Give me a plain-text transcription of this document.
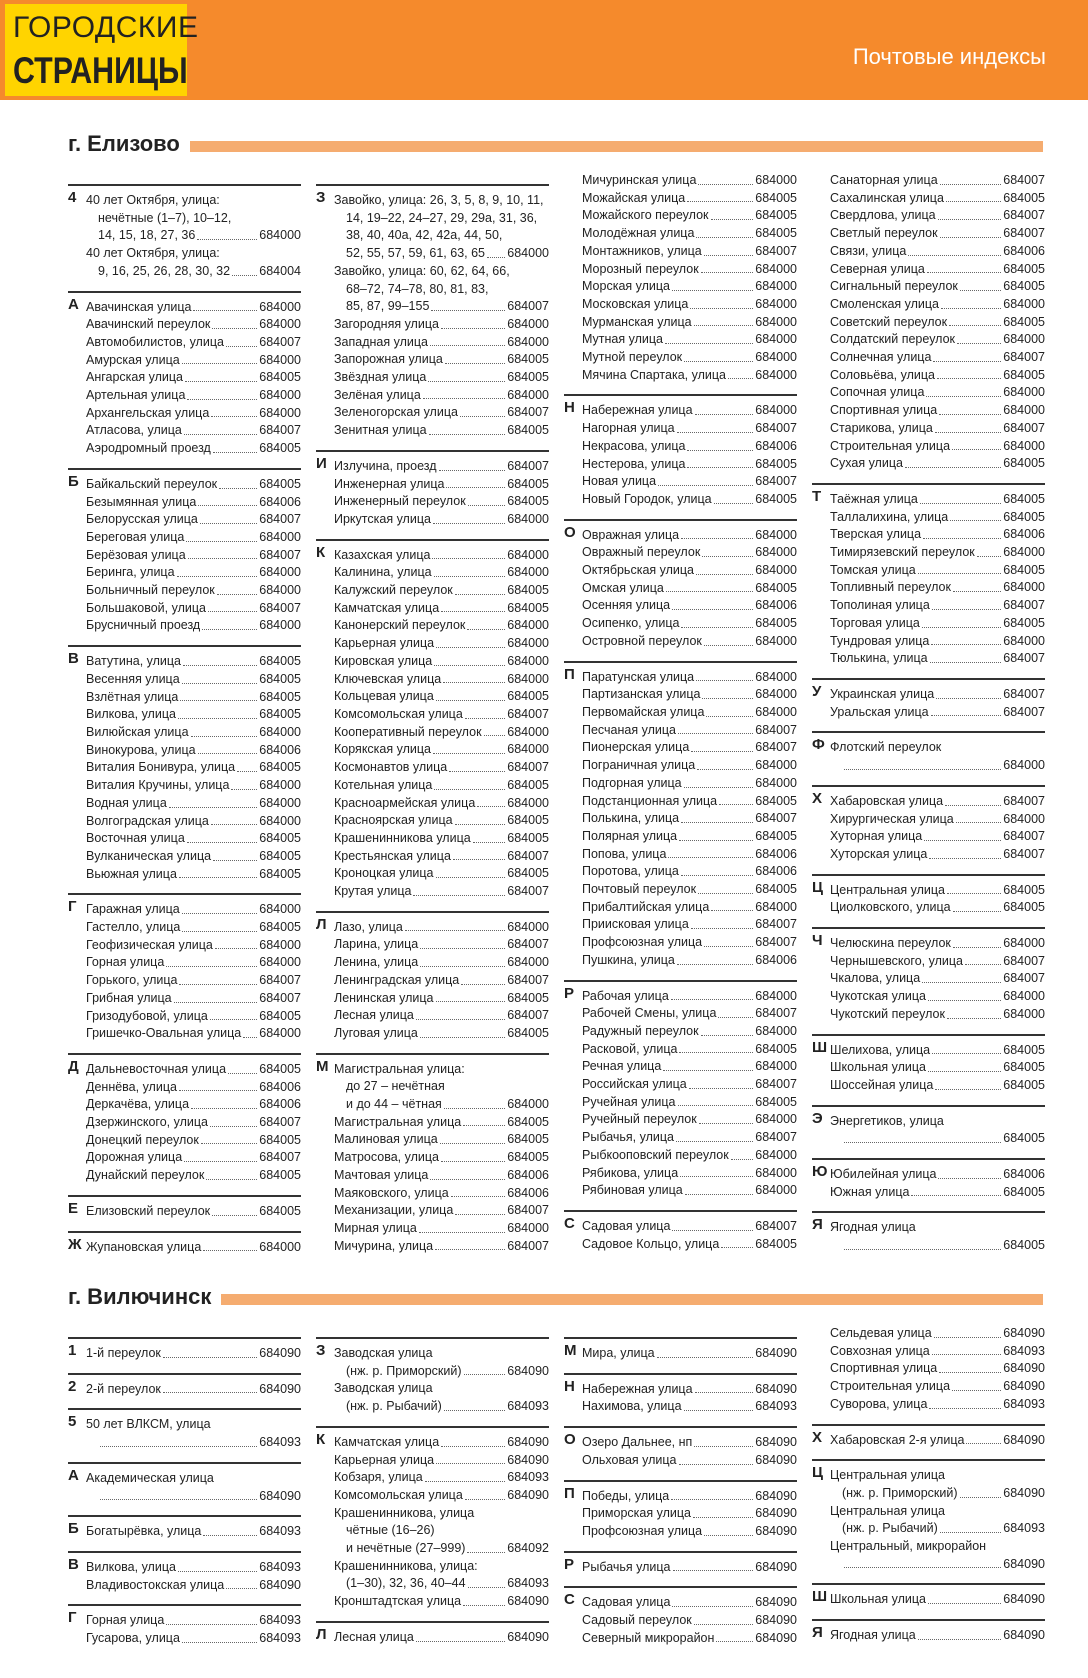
ГОРОДСКИЕ
СТРАНИЦЫ	Почтовые индексы
г. Елизово
4 40 лет Октября, улица:
нечётные (1–7), 10–12,
14, 15, 18, 27, 36	684000
40 лет Октября, улица:
9, 16, 25, 26, 28, 30, 32 684004
А Авачинская улица	684000
Авачинский переулок	684000
Автомобилистов, улица	684007
Амурская улица	684000
Ангарская улица	684005
Артельная улица	684000
Архангельская улица	684000
Атласова, улица	684007
Аэродромный проезд	684005
Б Байкальский переулок	684005
Безымянная улица	684006
Белорусская улица	684007
Береговая улица	684000
Берёзовая улица	684007
Беринга, улица	684000
Больничный переулок	684000
Большаковой, улица	684007
Брусничный проезд	684000
В Ватутина, улица	684005
Весенняя улица	684005
Взлётная улица	684005
Вилкова, улица	684005
Вилюйская улица	684000
Винокурова, улица	684006
Виталия Бонивура, улица 684005
Виталия Кручины, улица 684000
Водная улица	684000
Волгоградская улица	684000
Восточная улица	684005
Вулканическая улица	684005
Вьюжная улица	684005
Г Гаражная улица	684000
Гастелло, улица	684005
Геофизическая улица	684000
Горная улица	684000
Горького, улица	684007
Грибная улица	684007
Гризодубовой, улица	684005
Гришечко-Овальная улица 684000
Д Дальневосточная улица	684005
Деннёва, улица	684006
Деркачёва, улица	684006
Дзержинского, улица	684007
Донецкий переулок	684005
Дорожная улица	684007
Дунайский переулок	684005
Е Елизовский переулок	684005
Ж Жупановская улица	684000
З Завойко, улица: 26, 3, 5, 8, 9, 10, 11,
14, 19–22, 24–27, 29, 29а, 31, 36,
38, 40, 40а, 42, 42а, 44, 50,
52, 55, 57, 59, 61, 63, 65 684000
Завойко, улица: 60, 62, 64, 66,
68–72, 74–78, 80, 81, 83,
85, 87, 99–155	684007
Загородняя улица	684000
Западная улица	684000
Запорожная улица	684005
Звёздная улица	684005
Зелёная улица	684000
Зеленогорская улица	684007
Зенитная улица	684005
И Излучина, проезд	684007
Инженерная улица	684005
Инженерный переулок	684005
Иркутская улица	684000
К Казахская улица	684000
Калинина, улица	684000
Калужский переулок	684005
Камчатская улица	684005
Канонерский переулок	684000
Карьерная улица	684000
Кировская улица	684000
Ключевская улица	684000
Кольцевая улица	684005
Комсомольская улица	684007
Кооперативный переулок 684000
Корякская улица	684000
Космонавтов улица	684007
Котельная улица	684005
Красноармейская улица	684000
Красноярская улица	684005
Крашенинникова улица	684005
Крестьянская улица	684007
Кроноцкая улица	684005
Крутая улица	684007
Л Лазо, улица	684000
Ларина, улица	684007
Ленина, улица	684000
Ленинградская улица	684007
Ленинская улица	684005
Лесная улица	684007
Луговая улица	684005
М Магистральная улица:
до 27 – нечётная
и до 44 – чётная	684000
Магистральная улица	684005
Малиновая улица	684005
Матросова, улица	684005
Мачтовая улица	684006
Маяковского, улица	684006
Механизации, улица	684007
Мирная улица	684000
Мичурина, улица	684007
Мичуринская улица	684000
Можайская улица	684005
Можайского переулок	684005
Молодёжная улица	684005
Монтажников, улица	684007
Морозный переулок	684000
Морская улица	684000
Московская улица	684000
Мурманская улица	684000
Мутная улица	684000
Мутной переулок	684000
Мячина Спартака, улица 684000
Н Набережная улица	684000
Нагорная улица	684007
Некрасова, улица	684006
Нестерова, улица	684005
Новая улица	684007
Новый Городок, улица	684005
О Овражная улица	684000
Овражный переулок	684000
Октябрьская улица	684000
Омская улица	684005
Осенняя улица	684006
Осипенко, улица	684005
Островной переулок	684000
П Паратунская улица	684000
Партизанская улица	684000
Первомайская улица	684000
Песчаная улица	684007
Пионерская улица	684007
Пограничная улица	684000
Подгорная улица	684000
Подстанционная улица	684005
Полькина, улица	684007
Полярная улица	684005
Попова, улица	684006
Поротова, улица	684006
Почтовый переулок	684005
Прибалтийская улица	684000
Приисковая улица	684007
Профсоюзная улица	684007
Пушкина, улица	684006
Р Рабочая улица	684000
Рабочей Смены, улица	684007
Радужный переулок	684000
Расковой, улица	684005
Речная улица	684000
Российская улица	684007
Ручейная улица	684005
Ручейный переулок	684000
Рыбачья, улица	684007
Рыбкооповский переулок 684000
Рябикова, улица	684000
Рябиновая улица	684000
С Садовая улица	684007
Садовое Кольцо, улица	684005
Санаторная улица	684007
Сахалинская улица	684005
Свердлова, улица	684007
Светлый переулок	684007
Связи, улица	684006
Северная улица	684005
Сигнальный переулок	684005
Смоленская улица	684000
Советский переулок	684005
Солдатский переулок	684000
Солнечная улица	684007
Соловьёва, улица	684005
Сопочная улица	684000
Спортивная улица	684000
Старикова, улица	684007
Строительная улица	684000
Сухая улица	684005
Т Таёжная улица	684005
Таллалихина, улица	684005
Тверская улица	684006
Тимирязевский переулок 684000
Томская улица	684005
Топливный переулок	684000
Тополиная улица	684007
Торговая улица	684005
Тундровая улица	684000
Тюлькина, улица	684007
У Украинская улица	684007
Уральская улица	684007
Ф Флотский переулок
684000
Х Хабаровская улица	684007
Хирургическая улица	684000
Хуторная улица	684007
Хуторская улица	684007
Ц Центральная улица	684005
Циолковского, улица	684005
Ч Челюскина переулок	684000
Чернышевского, улица	684007
Чкалова, улица	684007
Чукотская улица	684000
Чукотский переулок	684000
Ш Шелихова, улица	684005
Школьная улица	684005
Шоссейная улица	684005
Э Энергетиков, улица
684005
Ю Юбилейная улица	684006
Южная улица	684005
Я Ягодная улица
684005
г. Вилючинск
1 1-й переулок	684090
2 2-й переулок	684090
5 50 лет ВЛКСМ, улица
684093
А Академическая улица
684090
Б Богатырёвка, улица	684093
В Вилкова, улица	684093
Владивостокская улица	684090
Г Горная улица	684093
Гусарова, улица	684093
З Заводская улица
(нж. р. Приморский)	684090
Заводская улица
(нж. р. Рыбачий)	684093
К Камчатская улица	684090
Карьерная улица	684090
Кобзаря, улица	684093
Комсомольская улица	684090
Крашенинникова, улица
чётные (16–26)
и нечётные (27–999)	684092
Крашенинникова, улица:
(1–30), 32, 36, 40–44	684093
Кронштадтская улица	684090
Л Лесная улица	684090
М Мира, улица	684090
Н Набережная улица	684090
Нахимова, улица	684093
О Озеро Дальнее, нп	684090
Ольховая улица	684090
П Победы, улица	684090
Приморская улица	684090
Профсоюзная улица	684090
Р Рыбачья улица	684090
С Садовая улица	684090
Садовый переулок	684090
Северный микрорайон	684090
Сельдевая улица	684090
Совхозная улица	684093
Спортивная улица	684090
Строительная улица	684090
Суворова, улица	684093
Х Хабаровская 2-я улица	684090
Ц Центральная улица
(нж. р. Приморский)	684090
Центральная улица
(нж. р. Рыбачий)	684093
Центральный, микрорайон
684090
Ш Школьная улица	684090
Я Ягодная улица	684090
